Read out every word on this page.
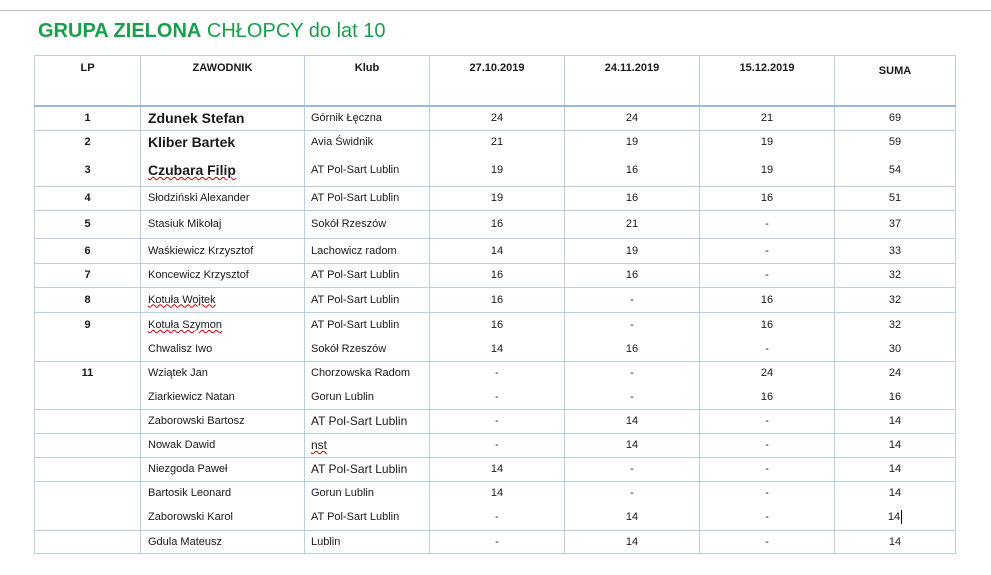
GRUPA ZIELONA CHŁOPCY do lat 10
LP	ZAWODNIK	Klub	27.10.2019	24.11.2019	15.12.2019	SUMA
1	Zdunek Stefan	Górnik Łęczna	24	24	21	69
2	Kliber Bartek	Avia Świdnik	21	19	19	59
3	Czubara Filip	AT Pol-Sart Lublin	19	16	19	54
4	Słodziński Alexander	AT Pol-Sart Lublin	19	16	16	51
5	Stasiuk Mikołaj	Sokół Rzeszów	16	21	-	37
6	Waśkiewicz Krzysztof	Lachowicz radom	14	19	-	33
7	Koncewicz Krzysztof	AT Pol-Sart Lublin	16	16	-	32
8	Kotuła Wojtek	AT Pol-Sart Lublin	16	-	16	32
9	Kotuła Szymon	AT Pol-Sart Lublin	16	-	16	32
	Chwalisz Iwo	Sokół Rzeszów	14	16	-	30
11	Wziątek Jan	Chorzowska Radom	-	-	24	24
	Ziarkiewicz Natan	Gorun Lublin	-	-	16	16
	Zaborowski Bartosz	AT Pol-Sart Lublin	-	14	-	14
	Nowak Dawid	nst	-	14	-	14
	Niezgoda Paweł	AT Pol-Sart Lublin	14	-	-	14
	Bartosik Leonard	Gorun Lublin	14	-	-	14
	Zaborowski Karol	AT Pol-Sart Lublin	-	14	-	14
	Gdula Mateusz	Lublin	-	14	-	14
